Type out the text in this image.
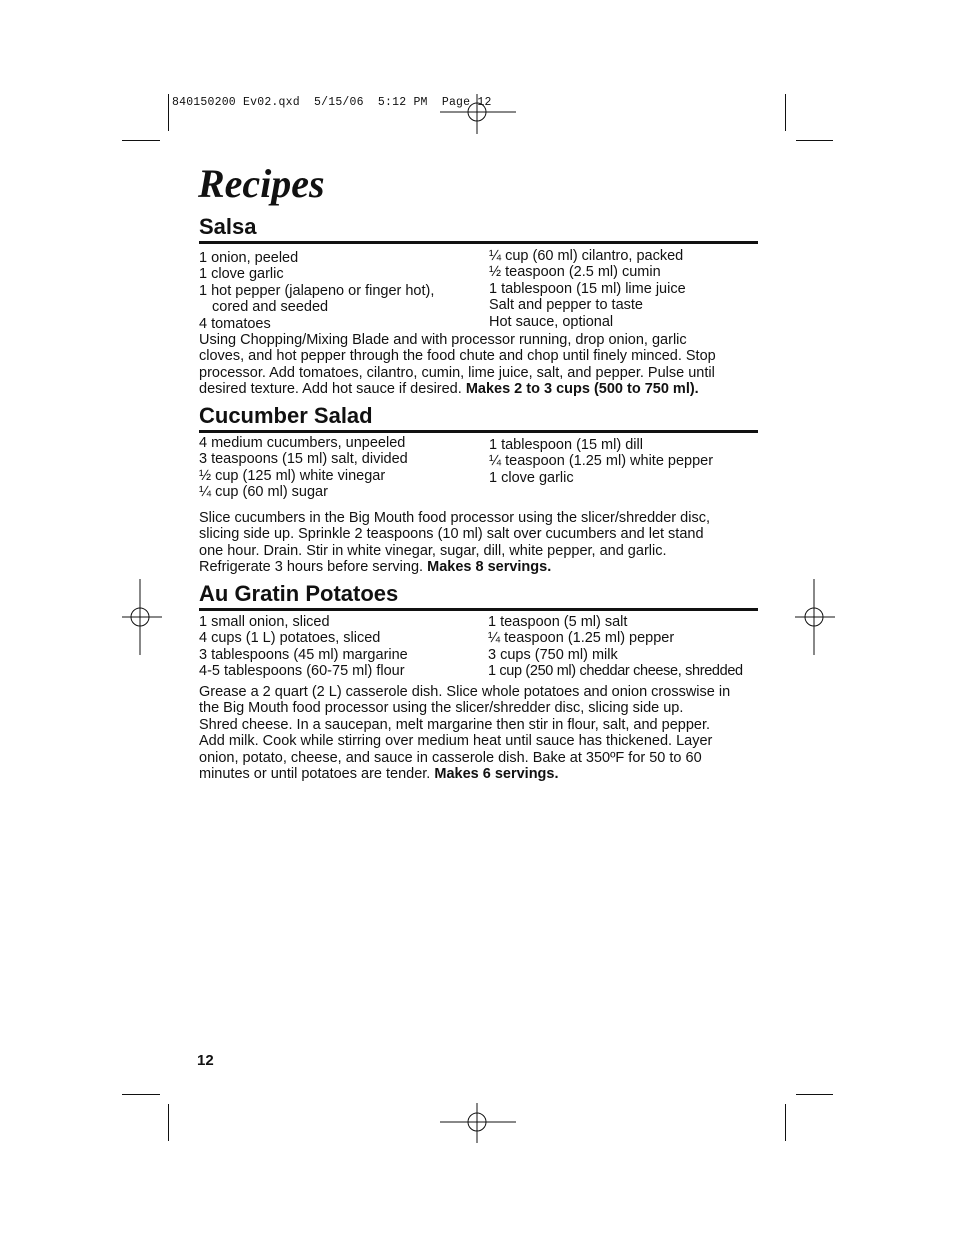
840150200 Ev02.qxd  5/15/06  5:12 PM  Page 12
Recipes
Salsa
1 onion, peeled
1 clove garlic
1 hot pepper (jalapeno or finger hot),
cored and seeded
4 tomatoes
¼ cup (60 ml) cilantro, packed
½ teaspoon (2.5 ml) cumin
1 tablespoon (15 ml) lime juice
Salt and pepper to taste
Hot sauce, optional
Using Chopping/Mixing Blade and with processor running, drop onion, garlic
cloves, and hot pepper through the food chute and chop until finely minced. Stop
processor. Add tomatoes, cilantro, cumin, lime juice, salt, and pepper. Pulse until
desired texture. Add hot sauce if desired. Makes 2 to 3 cups (500 to 750 ml).
Cucumber Salad
4 medium cucumbers, unpeeled
3 teaspoons (15 ml) salt, divided
½ cup (125 ml) white vinegar
¼ cup (60 ml) sugar
1 tablespoon (15 ml) dill
¼ teaspoon (1.25 ml) white pepper
1 clove garlic
Slice cucumbers in the Big Mouth food processor using the slicer/shredder disc,
slicing side up. Sprinkle 2 teaspoons (10 ml) salt over cucumbers and let stand
one hour. Drain. Stir in white vinegar, sugar, dill, white pepper, and garlic.
Refrigerate 3 hours before serving. Makes 8 servings.
Au Gratin Potatoes
1 small onion, sliced
4 cups (1 L) potatoes, sliced
3 tablespoons (45 ml) margarine
4-5 tablespoons (60-75 ml) flour
1 teaspoon (5 ml) salt
¼ teaspoon (1.25 ml) pepper
3 cups (750 ml) milk
1 cup (250 ml) cheddar cheese, shredded
Grease a 2 quart (2 L) casserole dish. Slice whole potatoes and onion crosswise in
the Big Mouth food processor using the slicer/shredder disc, slicing side up.
Shred cheese. In a saucepan, melt margarine then stir in flour, salt, and pepper.
Add milk. Cook while stirring over medium heat until sauce has thickened. Layer
onion, potato, cheese, and sauce in casserole dish. Bake at 350ºF for 50 to 60
minutes or until potatoes are tender. Makes 6 servings.
12
